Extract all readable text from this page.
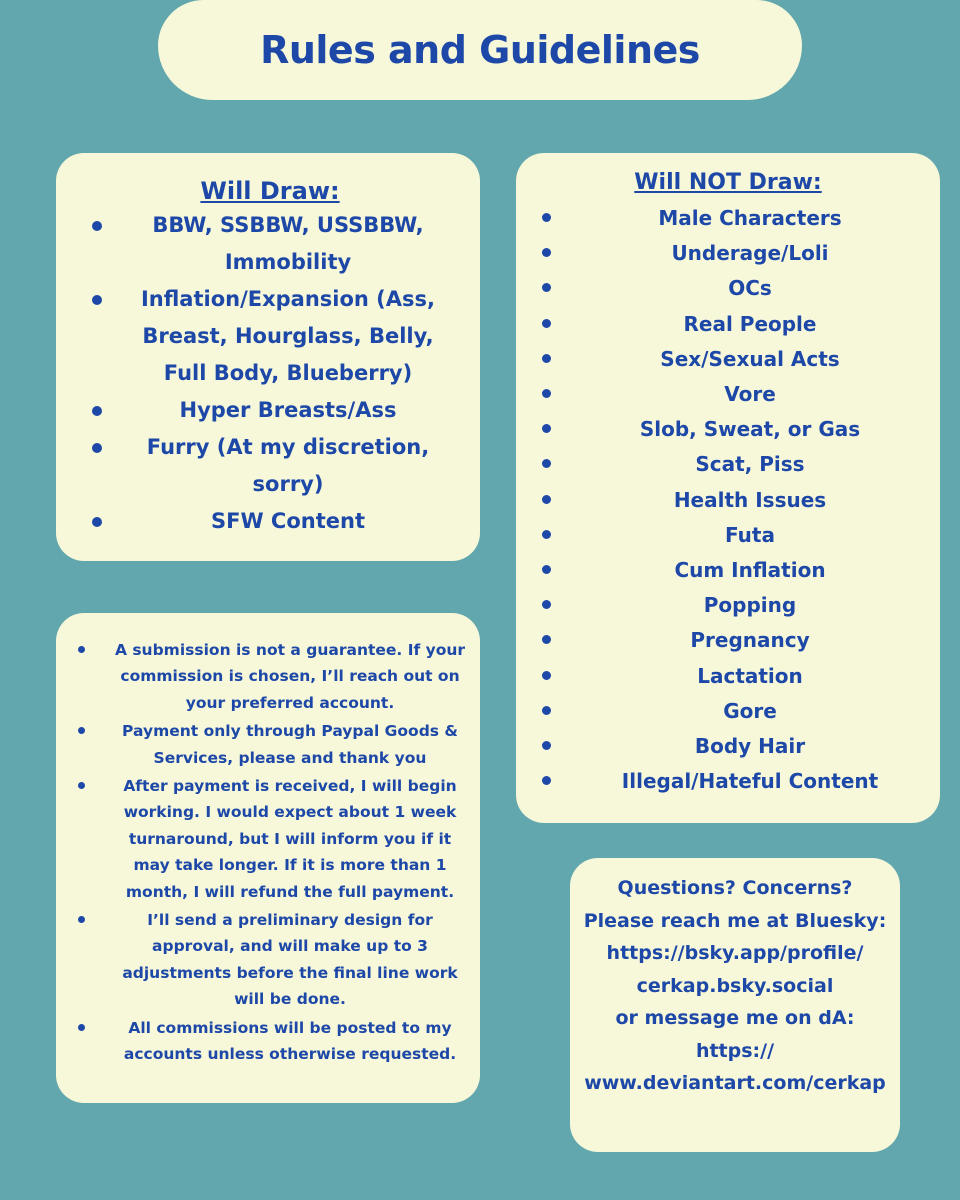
Rules and Guidelines

Will Draw:

BBW, SSBBW, USSBBW, Immobility
Inflation/Expansion (Ass, Breast, Hourglass, Belly, Full Body, Blueberry)
Hyper Breasts/Ass
Furry (At my discretion, sorry)
SFW Content

Will NOT Draw:

Male Characters
Underage/Loli
OCs
Real People
Sex/Sexual Acts
Vore
Slob, Sweat, or Gas
Scat, Piss
Health Issues
Futa
Cum Inflation
Popping
Pregnancy
Lactation
Gore
Body Hair
Illegal/Hateful Content
A submission is not a guarantee. If your commission is chosen, I’ll reach out on your preferred account.
Payment only through Paypal Goods & Services, please and thank you
After payment is received, I will begin working. I would expect about 1 week turnaround, but I will inform you if it may take longer. If it is more than 1 month, I will refund the full payment.
I’ll send a preliminary design for approval, and will make up to 3 adjustments before the final line work will be done.
All commissions will be posted to my accounts unless otherwise requested.

Questions? Concerns?

Please reach me at Bluesky:

https://bsky.app/profile/

cerkap.bsky.social

or message me on dA:

https://

www.deviantart.com/cerkap
